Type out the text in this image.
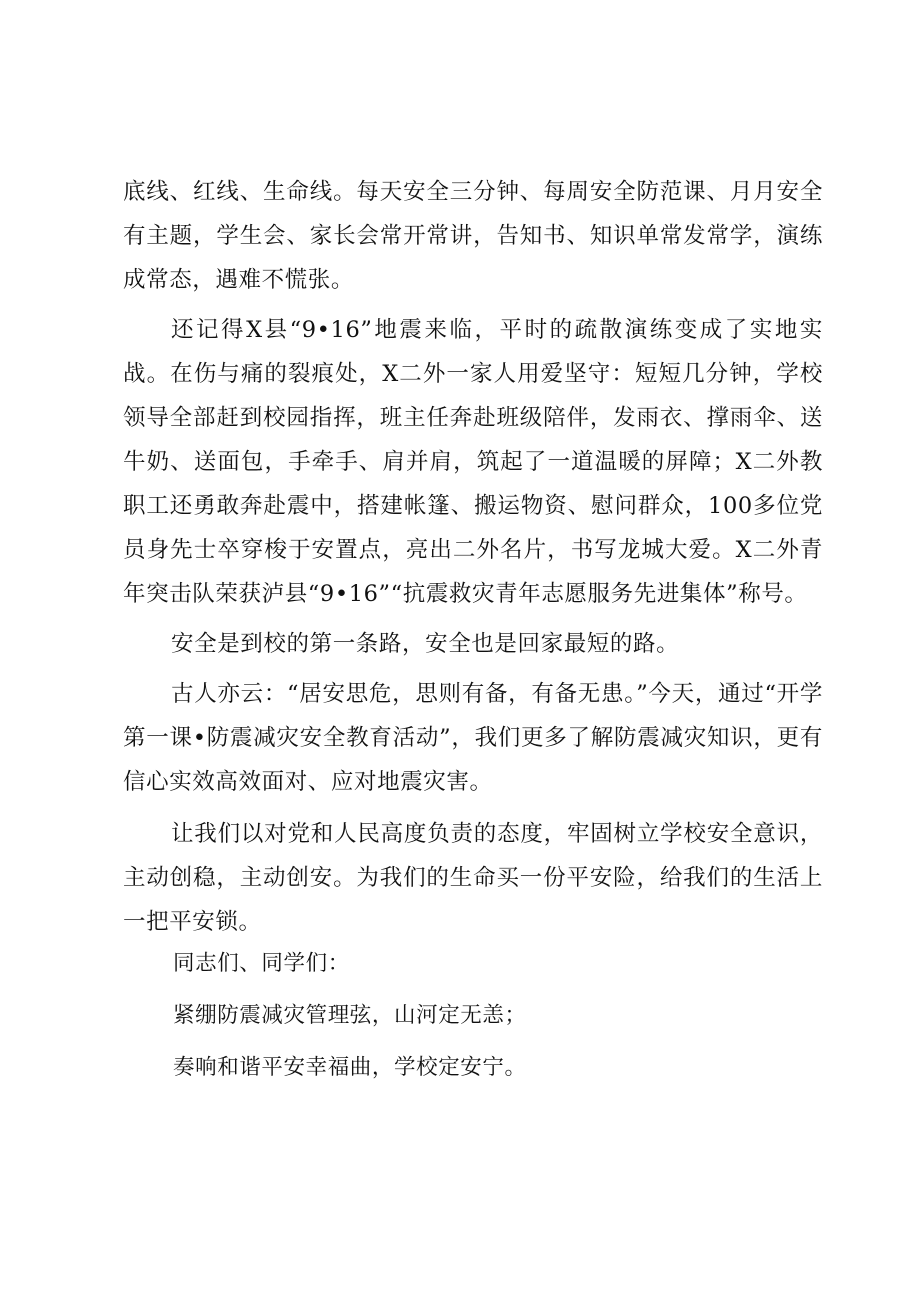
底线、红线、生命线。每天安全三分钟、每周安全防范课、月月安全有主题，学生会、家长会常开常讲，告知书、知识单常发常学，演练成常态，遇难不慌张。

还记得X县“9•16”地震来临，平时的疏散演练变成了实地实战。在伤与痛的裂痕处，X二外一家人用爱坚守：短短几分钟，学校领导全部赶到校园指挥，班主任奔赴班级陪伴，发雨衣、撑雨伞、送牛奶、送面包，手牵手、肩并肩，筑起了一道温暖的屏障；X二外教职工还勇敢奔赴震中，搭建帐篷、搬运物资、慰问群众，100多位党员身先士卒穿梭于安置点，亮出二外名片，书写龙城大爱。X二外青年突击队荣获泸县“9•16”“抗震救灾青年志愿服务先进集体”称号。

安全是到校的第一条路，安全也是回家最短的路。

古人亦云：“居安思危，思则有备，有备无患。”今天，通过“开学第一课•防震减灾安全教育活动”，我们更多了解防震减灾知识，更有信心实效高效面对、应对地震灾害。

让我们以对党和人民高度负责的态度，牢固树立学校安全意识，主动创稳，主动创安。为我们的生命买一份平安险，给我们的生活上一把平安锁。

同志们、同学们：

紧绷防震减灾管理弦，山河定无恙；

奏响和谐平安幸福曲，学校定安宁。
